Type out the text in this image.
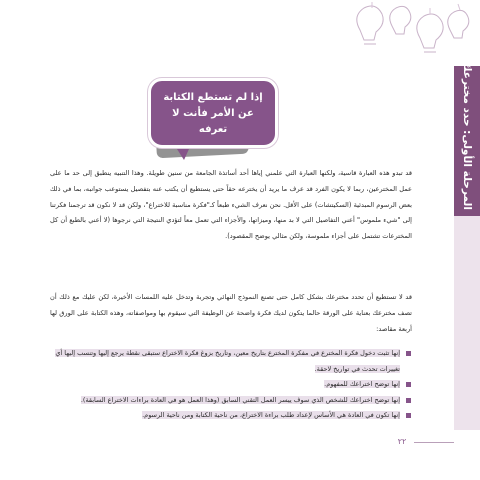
المرحلة الأولى: حدد مخترعك
إذا لم تستطع الكتابة عن الأمر فأنت لا تعرفه
قد تبدو هذه العبارة قاسية، ولكنها العبارة التي علمني إياها أحد أساتذة الجامعة من سنين طويلة. وهذا التنبيه ينطبق إلى حد ما على عمل المخترعين، ربما لا يكون الفرد قد عرف ما يريد أن يخترعه حقاً حتى يستطيع أن يكتب عنه بتفصيل يستوعب جوانبه، بما في ذلك بعض الرسوم المبدئية (السكيتشات) على الأقل. نحن نعرف الشيء طبعاً كـ"فكرة مناسبة للاختراع"، ولكن قد لا نكون قد ترجمنا فكرتنا إلى "شيء ملموس" أعني التفاصيل التي لا بد منها، وميزاتها، والأجزاء التي تعمل معاً لتؤدي النتيجة التي نرجوها (لا أعني بالطبع أن كل المخترعات تشتمل على أجزاء ملموسة، ولكن مثالي يوضح المقصود).
قد لا تستطيع أن تحدد مخترعك بشكل كامل حتى تصنع النموذج النهائي وتجربة وتدخل عليه اللمسات الأخيرة، لكن عليك مع ذلك أن تصف مخترعك بعناية على الورقة حالما يتكون لديك فكرة واضحة عن الوظيفة التي سيقوم بها ومواصفاته، وهذه الكتابة على الورق لها أربعة مقاصد:
إنها تثبت دخول فكرة المخترع في مفكرة المخترع بتاريخ معين، وتاريخ بزوغ فكرة الاختراع ستبقى نقطة يرجع إليها وتنسب إليها أي تغييرات تحدث في تواريخ لاحقة.
إنها توضح اختراعك للمفهوم.
إنها توضح اختراعك للشخص الذي سوف ييسر العمل التقني السابق (وهذا العمل هو في العادة براءات الاختراع السابقة).
إنها تكون في العادة هي الأساس لإعداد طلب براءة الاختراع، من ناحية الكتابة ومن ناحية الرسوم.
٢٢
